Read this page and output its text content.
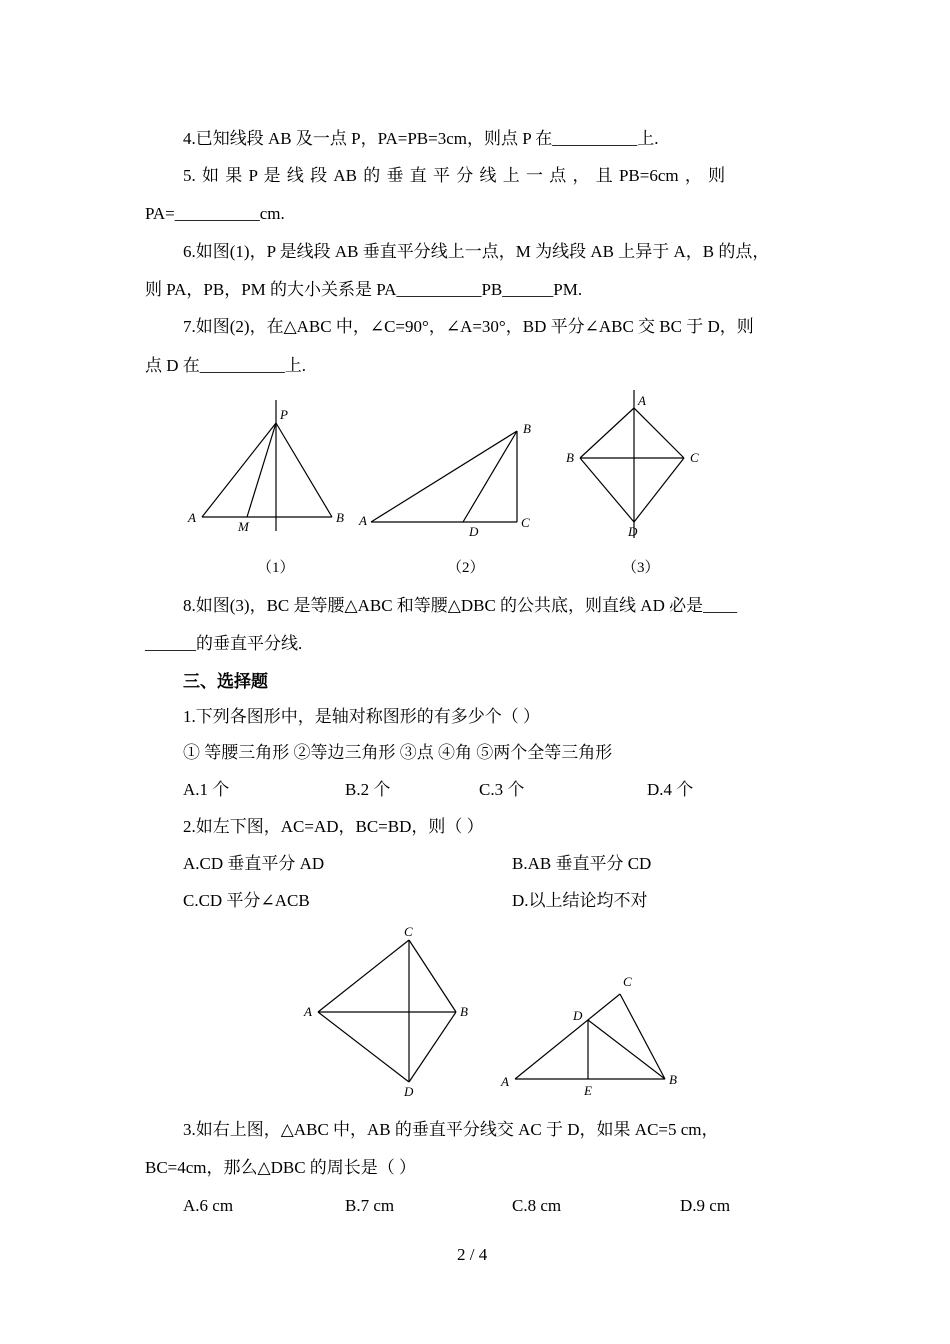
4.已知线段 AB 及一点 P，PA=PB=3cm，则点 P 在__________上.
5. 如 果 P 是 线 段 AB 的 垂 直 平 分 线 上 一 点 ， 且 PB=6cm ， 则
PA=__________cm.
6.如图(1)，P 是线段 AB 垂直平分线上一点，M 为线段 AB 上异于 A，B 的点，
则 PA，PB，PM 的大小关系是 PA__________PB______PM.
7.如图(2)，在△ABC 中，∠C=90°，∠A=30°，BD 平分∠ABC 交 BC 于 D，则
点 D 在__________上.
P
A
M
B
（1）
B
A
D
C
（2）
A
B	C
D
（3）
8.如图(3)，BC 是等腰△ABC 和等腰△DBC 的公共底，则直线 AD 必是____
______的垂直平分线.
三、选择题
1.下列各图形中，是轴对称图形的有多少个（ ）
① 等腰三角形 ②等边三角形 ③点 ④角 ⑤两个全等三角形
A.1 个	B.2 个	C.3 个	D.4 个
2.如左下图，AC=AD，BC=BD，则（ ）
A.CD 垂直平分 AD	B.AB 垂直平分 CD
C.CD 平分∠ACB	D.以上结论均不对
C
A	B
D
C
D
A
E
B
3.如右上图，△ABC 中，AB 的垂直平分线交 AC 于 D，如果 AC=5 cm，
BC=4cm，那么△DBC 的周长是（ ）
A.6 cm	B.7 cm	C.8 cm	D.9 cm
2 / 4
